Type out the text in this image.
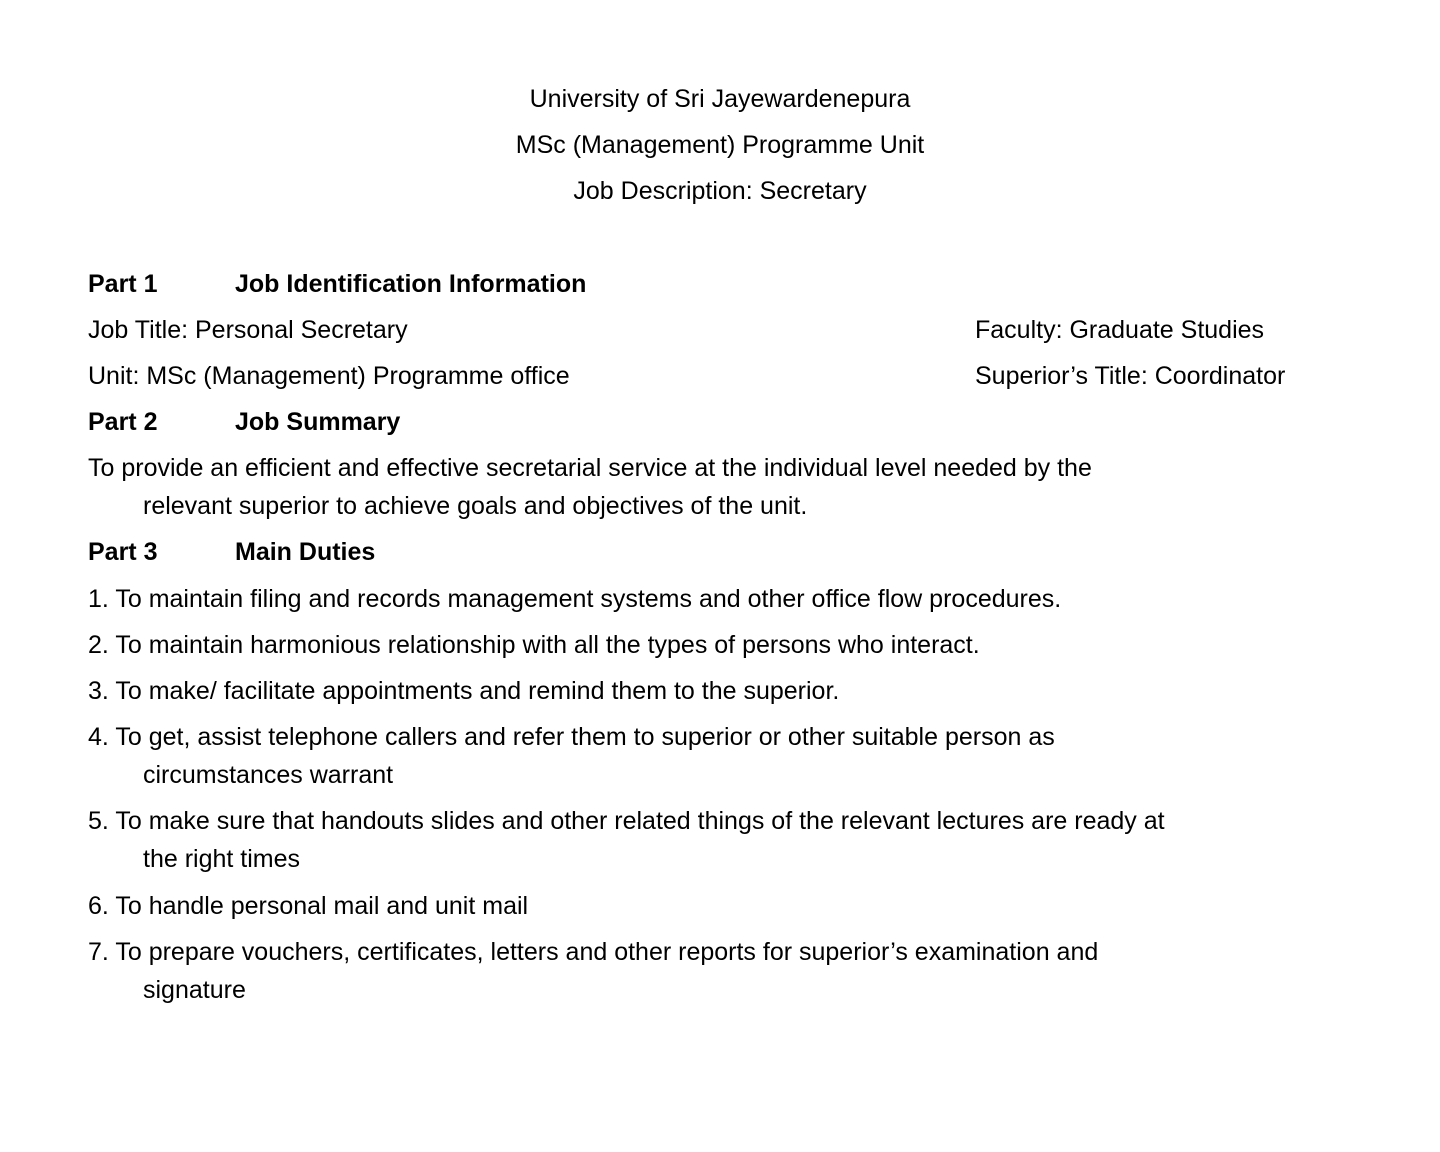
University of Sri Jayewardenepura
MSc (Management) Programme Unit
Job Description: Secretary
Part 1	Job Identification Information
Job Title: Personal Secretary	Faculty: Graduate Studies
Unit: MSc (Management) Programme office	Superior’s Title: Coordinator
Part 2	Job Summary
To provide an efficient and effective secretarial service at the individual level needed by the
relevant superior to achieve goals and objectives of the unit.
Part 3	Main Duties
1. To maintain filing and records management systems and other office flow procedures.
2. To maintain harmonious relationship with all the types of persons who interact.
3. To make/ facilitate appointments and remind them to the superior.
4. To get, assist telephone callers and refer them to superior or other suitable person as
circumstances warrant
5. To make sure that handouts slides and other related things of the relevant lectures are ready at
the right times
6. To handle personal mail and unit mail
7. To prepare vouchers, certificates, letters and other reports for superior’s examination and
signature
